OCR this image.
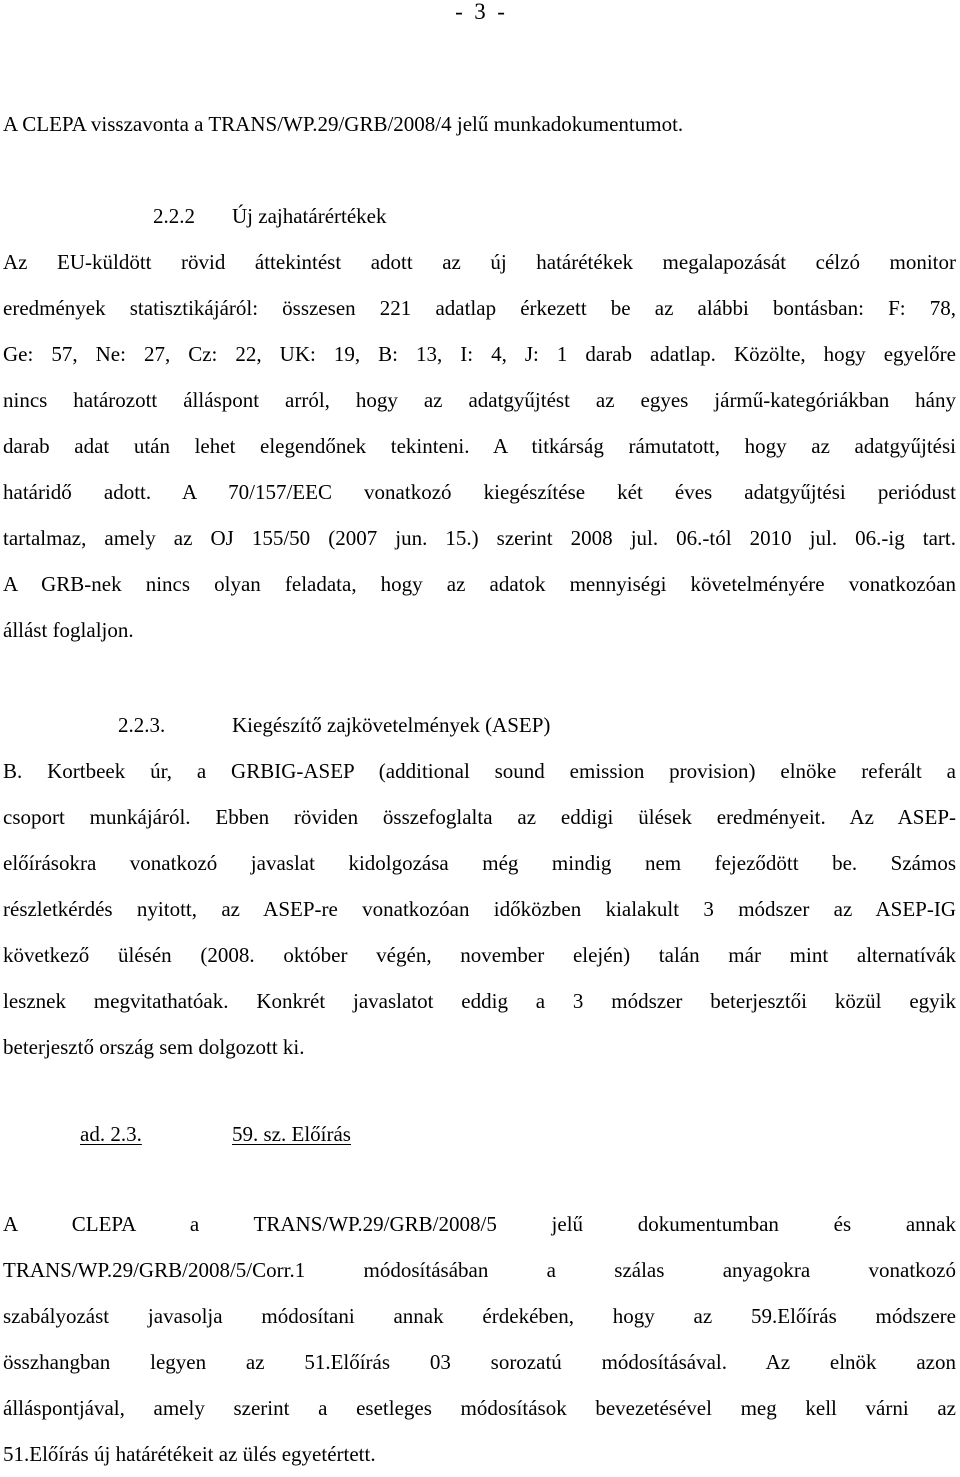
-  3  -
A CLEPA visszavonta a TRANS/WP.29/GRB/2008/4 jelű munkadokumentumot.
2.2.2 Új zajhatárértékek
Az EU-küldött rövid áttekintést adott az új határétékek megalapozását célzó monitor
eredmények statisztikájáról: összesen 221 adatlap érkezett be az alábbi bontásban: F: 78,
Ge: 57, Ne: 27, Cz: 22, UK: 19, B: 13, I: 4, J: 1 darab adatlap. Közölte, hogy egyelőre
nincs határozott álláspont arról, hogy az adatgyűjtést az egyes jármű-kategóriákban hány
darab adat után lehet elegendőnek tekinteni. A titkárság rámutatott, hogy az adatgyűjtési
határidő adott. A 70/157/EEC vonatkozó kiegészítése két éves adatgyűjtési periódust
tartalmaz, amely az OJ 155/50 (2007 jun. 15.) szerint 2008 jul. 06.-tól 2010 jul. 06.-ig tart.
A GRB-nek nincs olyan feladata, hogy az adatok mennyiségi követelményére vonatkozóan
állást foglaljon.
2.2.3.	Kiegészítő zajkövetelmények (ASEP)
B. Kortbeek úr, a GRBIG-ASEP (additional sound emission provision) elnöke referált a
csoport munkájáról. Ebben röviden összefoglalta az eddigi ülések eredményeit. Az ASEP-
előírásokra vonatkozó javaslat kidolgozása még mindig nem fejeződött be. Számos
részletkérdés nyitott, az ASEP-re vonatkozóan időközben kialakult 3 módszer az ASEP-IG
következő ülésén (2008. október végén, november elején) talán már mint alternatívák
lesznek megvitathatóak. Konkrét javaslatot eddig a 3 módszer beterjesztői közül egyik
beterjesztő ország sem dolgozott ki.
ad. 2.3.	59. sz. Előírás
A CLEPA a TRANS/WP.29/GRB/2008/5 jelű dokumentumban és annak
TRANS/WP.29/GRB/2008/5/Corr.1 módosításában a szálas anyagokra vonatkozó
szabályozást javasolja módosítani annak érdekében, hogy az 59.Előírás módszere
összhangban legyen az 51.Előírás 03 sorozatú módosításával. Az elnök azon
álláspontjával, amely szerint a esetleges módosítások bevezetésével meg kell várni az
51.Előírás új határétékeit az ülés egyetértett.
